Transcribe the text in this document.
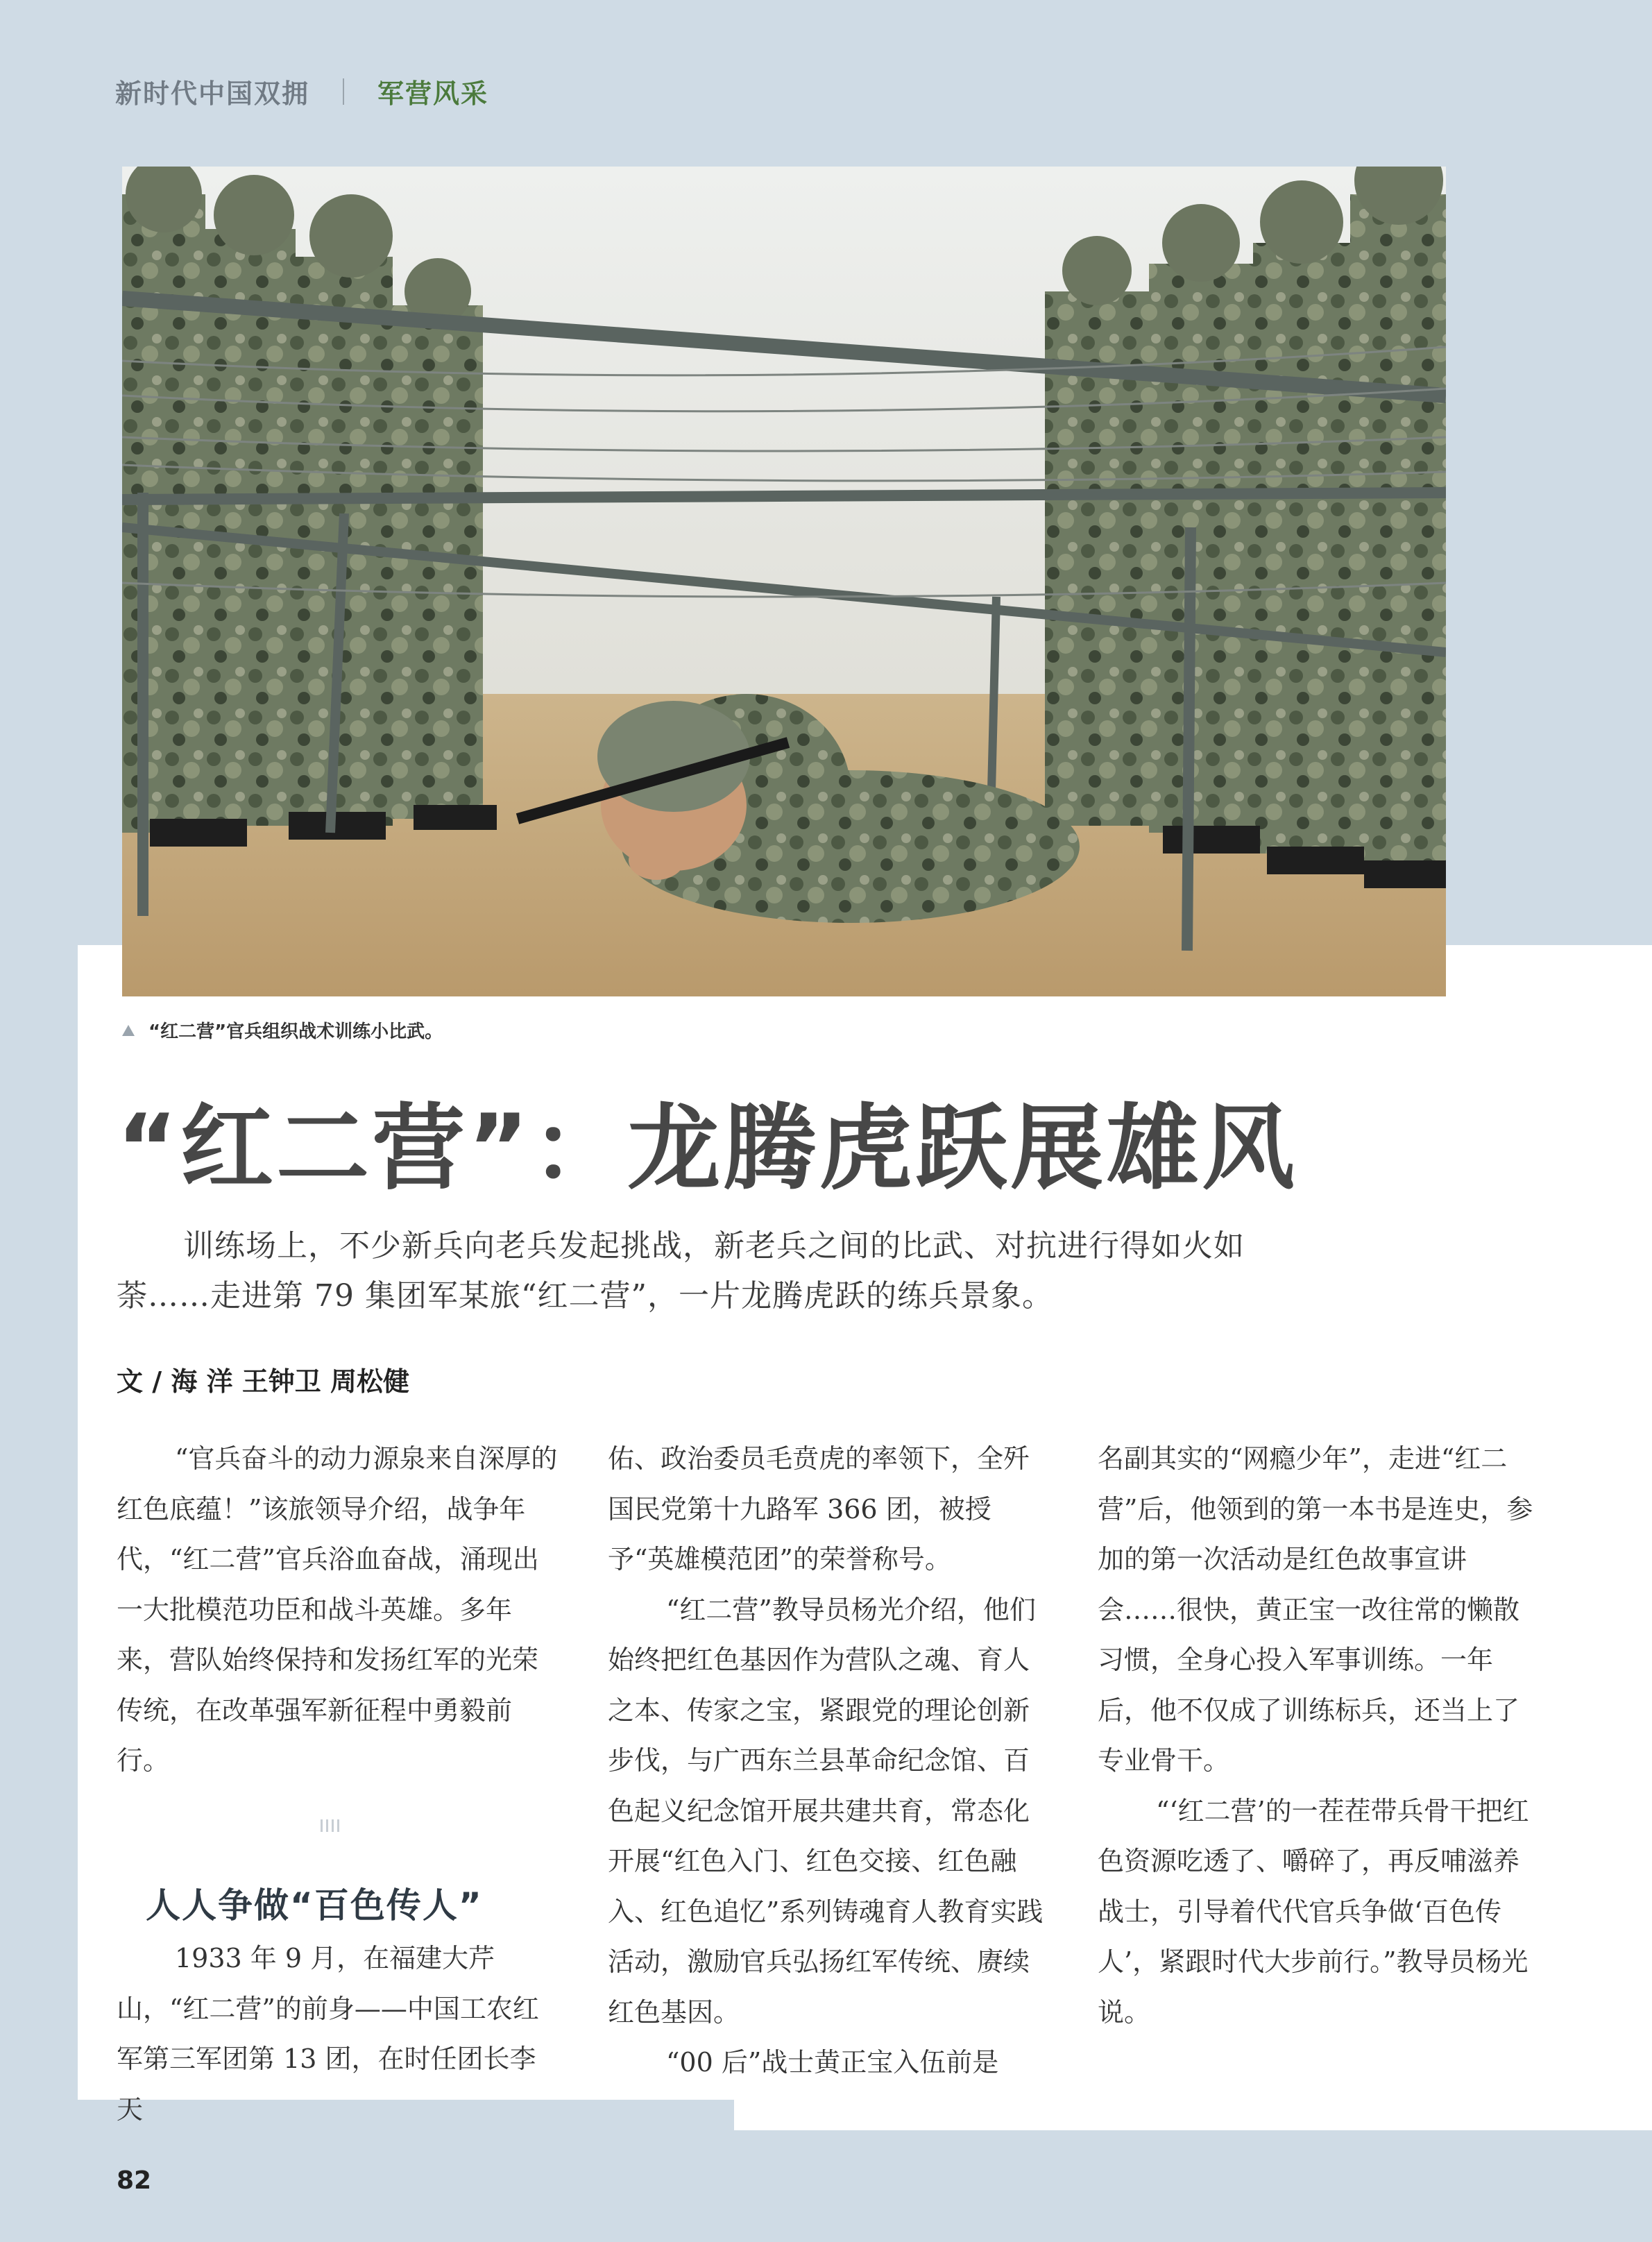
新时代中国双拥	军营风采
“红二营”官兵组织战术训练小比武。
“红二营”：龙腾虎跃展雄风
训练场上，不少新兵向老兵发起挑战，新老兵之间的比武、对抗进行得如火如荼……走进第 79 集团军某旅“红二营”，一片龙腾虎跃的练兵景象。
文 / 海 洋 王钟卫 周松健

“官兵奋斗的动力源泉来自深厚的红色底蕴！”该旅领导介绍，战争年代，“红二营”官兵浴血奋战，涌现出一大批模范功臣和战斗英雄。多年来，营队始终保持和发扬红军的光荣传统，在改革强军新征程中勇毅前行。

人人争做“百色传人”

1933 年 9 月，在福建大芹山，“红二营”的前身——中国工农红军第三军团第 13 团，在时任团长李天

佑、政治委员毛贲虎的率领下，全歼国民党第十九路军 366 团，被授予“英雄模范团”的荣誉称号。

“红二营”教导员杨光介绍，他们始终把红色基因作为营队之魂、育人之本、传家之宝，紧跟党的理论创新步伐，与广西东兰县革命纪念馆、百色起义纪念馆开展共建共育，常态化开展“红色入门、红色交接、红色融入、红色追忆”系列铸魂育人教育实践活动，激励官兵弘扬红军传统、赓续红色基因。

“00 后”战士黄正宝入伍前是

名副其实的“网瘾少年”，走进“红二营”后，他领到的第一本书是连史，参加的第一次活动是红色故事宣讲会……很快，黄正宝一改往常的懒散习惯，全身心投入军事训练。一年后，他不仅成了训练标兵，还当上了专业骨干。

“‘红二营’的一茬茬带兵骨干把红色资源吃透了、嚼碎了，再反哺滋养战士，引导着代代官兵争做‘百色传人’，紧跟时代大步前行。”教导员杨光说。

82
